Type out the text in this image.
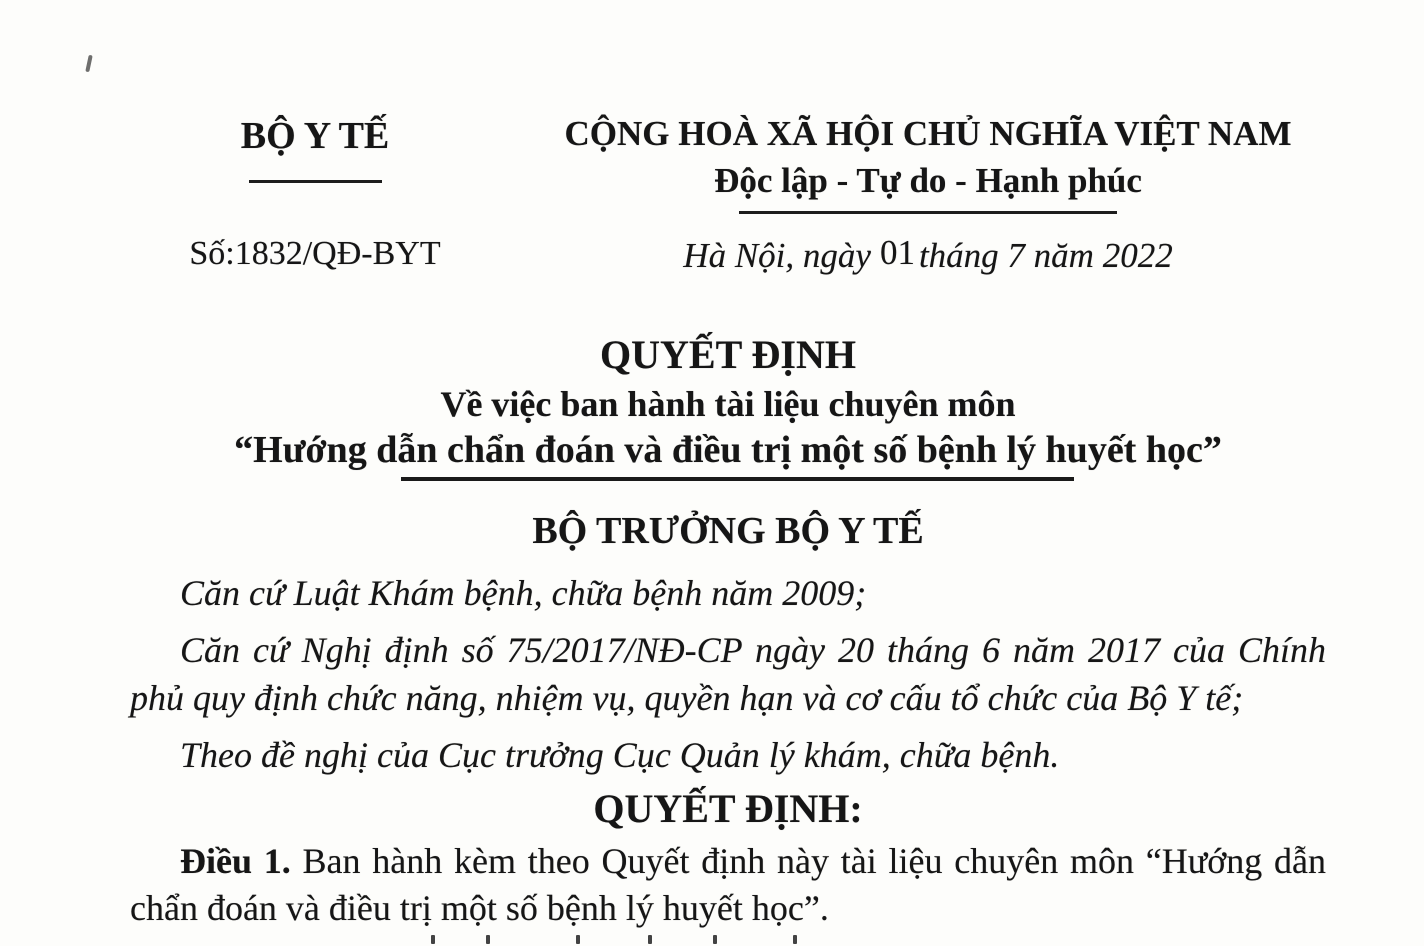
BỘ Y TẾ
Số:1832/QĐ-BYT
CỘNG HOÀ XÃ HỘI CHỦ NGHĨA VIỆT NAM
Độc lập - Tự do - Hạnh phúc
Hà Nội, ngày 01 tháng 7 năm 2022
QUYẾT ĐỊNH
Về việc ban hành tài liệu chuyên môn
“Hướng dẫn chẩn đoán và điều trị một số bệnh lý huyết học”
BỘ TRƯỞNG BỘ Y TẾ

Căn cứ Luật Khám bệnh, chữa bệnh năm 2009;

Căn cứ Nghị định số 75/2017/NĐ-CP ngày 20 tháng 6 năm 2017 của Chính phủ quy định chức năng, nhiệm vụ, quyền hạn và cơ cấu tổ chức của Bộ Y tế;

Theo đề nghị của Cục trưởng Cục Quản lý khám, chữa bệnh.

QUYẾT ĐỊNH:

Điều 1. Ban hành kèm theo Quyết định này tài liệu chuyên môn “Hướng dẫn chẩn đoán và điều trị một số bệnh lý huyết học”.
